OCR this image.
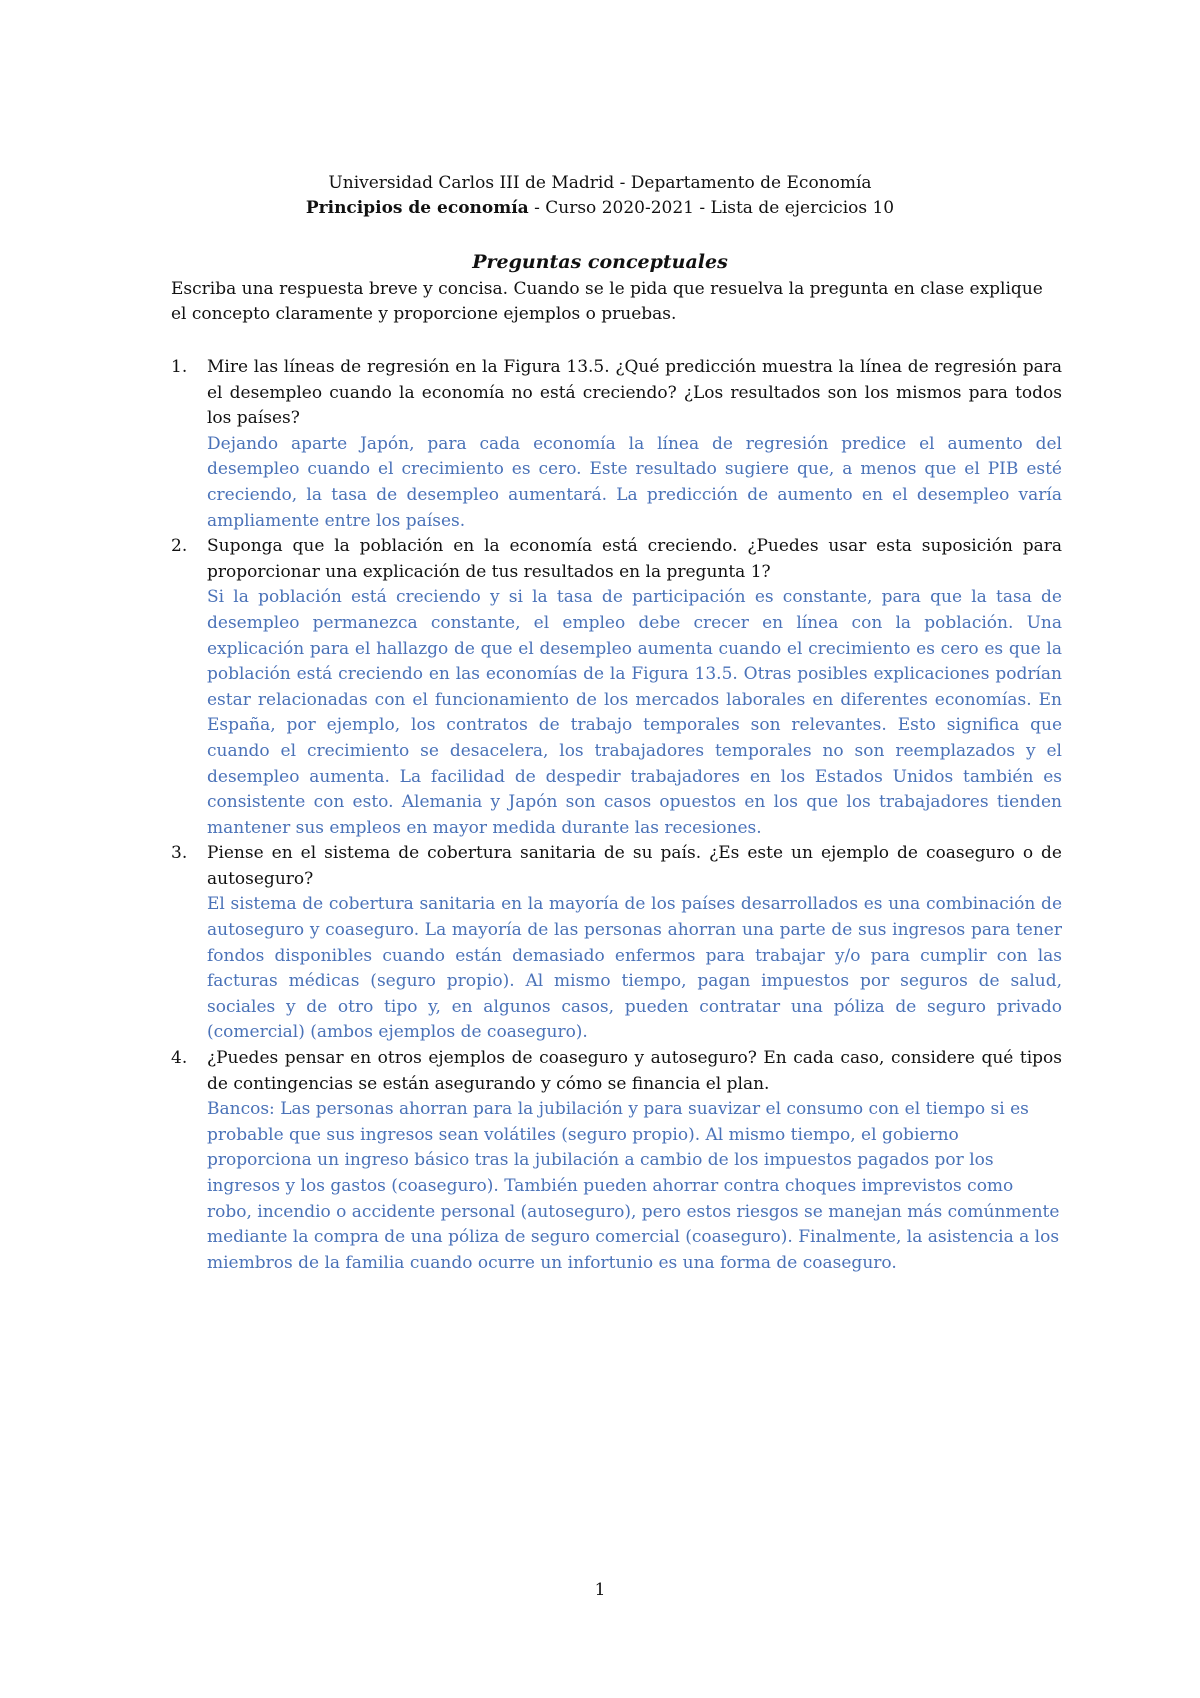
Universidad Carlos III de Madrid - Departamento de Economía
Principios de economía - Curso 2020-2021 - Lista de ejercicios 10
Preguntas conceptuales
Escriba una respuesta breve y concisa. Cuando se le pida que resuelva la pregunta en clase explique el concepto claramente y proporcione ejemplos o pruebas.
1. Mire las líneas de regresión en la Figura 13.5. ¿Qué predicción muestra la línea de regresión para el desempleo cuando la economía no está creciendo? ¿Los resultados son los mismos para todos los países?
Dejando aparte Japón, para cada economía la línea de regresión predice el aumento del desempleo cuando el crecimiento es cero. Este resultado sugiere que, a menos que el PIB esté creciendo, la tasa de desempleo aumentará. La predicción de aumento en el desempleo varía ampliamente entre los países.
2. Suponga que la población en la economía está creciendo. ¿Puedes usar esta suposición para proporcionar una explicación de tus resultados en la pregunta 1?
Si la población está creciendo y si la tasa de participación es constante, para que la tasa de desempleo permanezca constante, el empleo debe crecer en línea con la población. Una explicación para el hallazgo de que el desempleo aumenta cuando el crecimiento es cero es que la población está creciendo en las economías de la Figura 13.5. Otras posibles explicaciones podrían estar relacionadas con el funcionamiento de los mercados laborales en diferentes economías. En España, por ejemplo, los contratos de trabajo temporales son relevantes. Esto significa que cuando el crecimiento se desacelera, los trabajadores temporales no son reemplazados y el desempleo aumenta. La facilidad de despedir trabajadores en los Estados Unidos también es consistente con esto. Alemania y Japón son casos opuestos en los que los trabajadores tienden mantener sus empleos en mayor medida durante las recesiones.
3. Piense en el sistema de cobertura sanitaria de su país. ¿Es este un ejemplo de coaseguro o de autoseguro?
El sistema de cobertura sanitaria en la mayoría de los países desarrollados es una combinación de autoseguro y coaseguro. La mayoría de las personas ahorran una parte de sus ingresos para tener fondos disponibles cuando están demasiado enfermos para trabajar y/o para cumplir con las facturas médicas (seguro propio). Al mismo tiempo, pagan impuestos por seguros de salud, sociales y de otro tipo y, en algunos casos, pueden contratar una póliza de seguro privado (comercial) (ambos ejemplos de coaseguro).
4. ¿Puedes pensar en otros ejemplos de coaseguro y autoseguro? En cada caso, considere qué tipos de contingencias se están asegurando y cómo se financia el plan.
Bancos: Las personas ahorran para la jubilación y para suavizar el consumo con el tiempo si es probable que sus ingresos sean volátiles (seguro propio). Al mismo tiempo, el gobierno proporciona un ingreso básico tras la jubilación a cambio de los impuestos pagados por los ingresos y los gastos (coaseguro). También pueden ahorrar contra choques imprevistos como robo, incendio o accidente personal (autoseguro), pero estos riesgos se manejan más comúnmente mediante la compra de una póliza de seguro comercial (coaseguro). Finalmente, la asistencia a los miembros de la familia cuando ocurre un infortunio es una forma de coaseguro.
1
